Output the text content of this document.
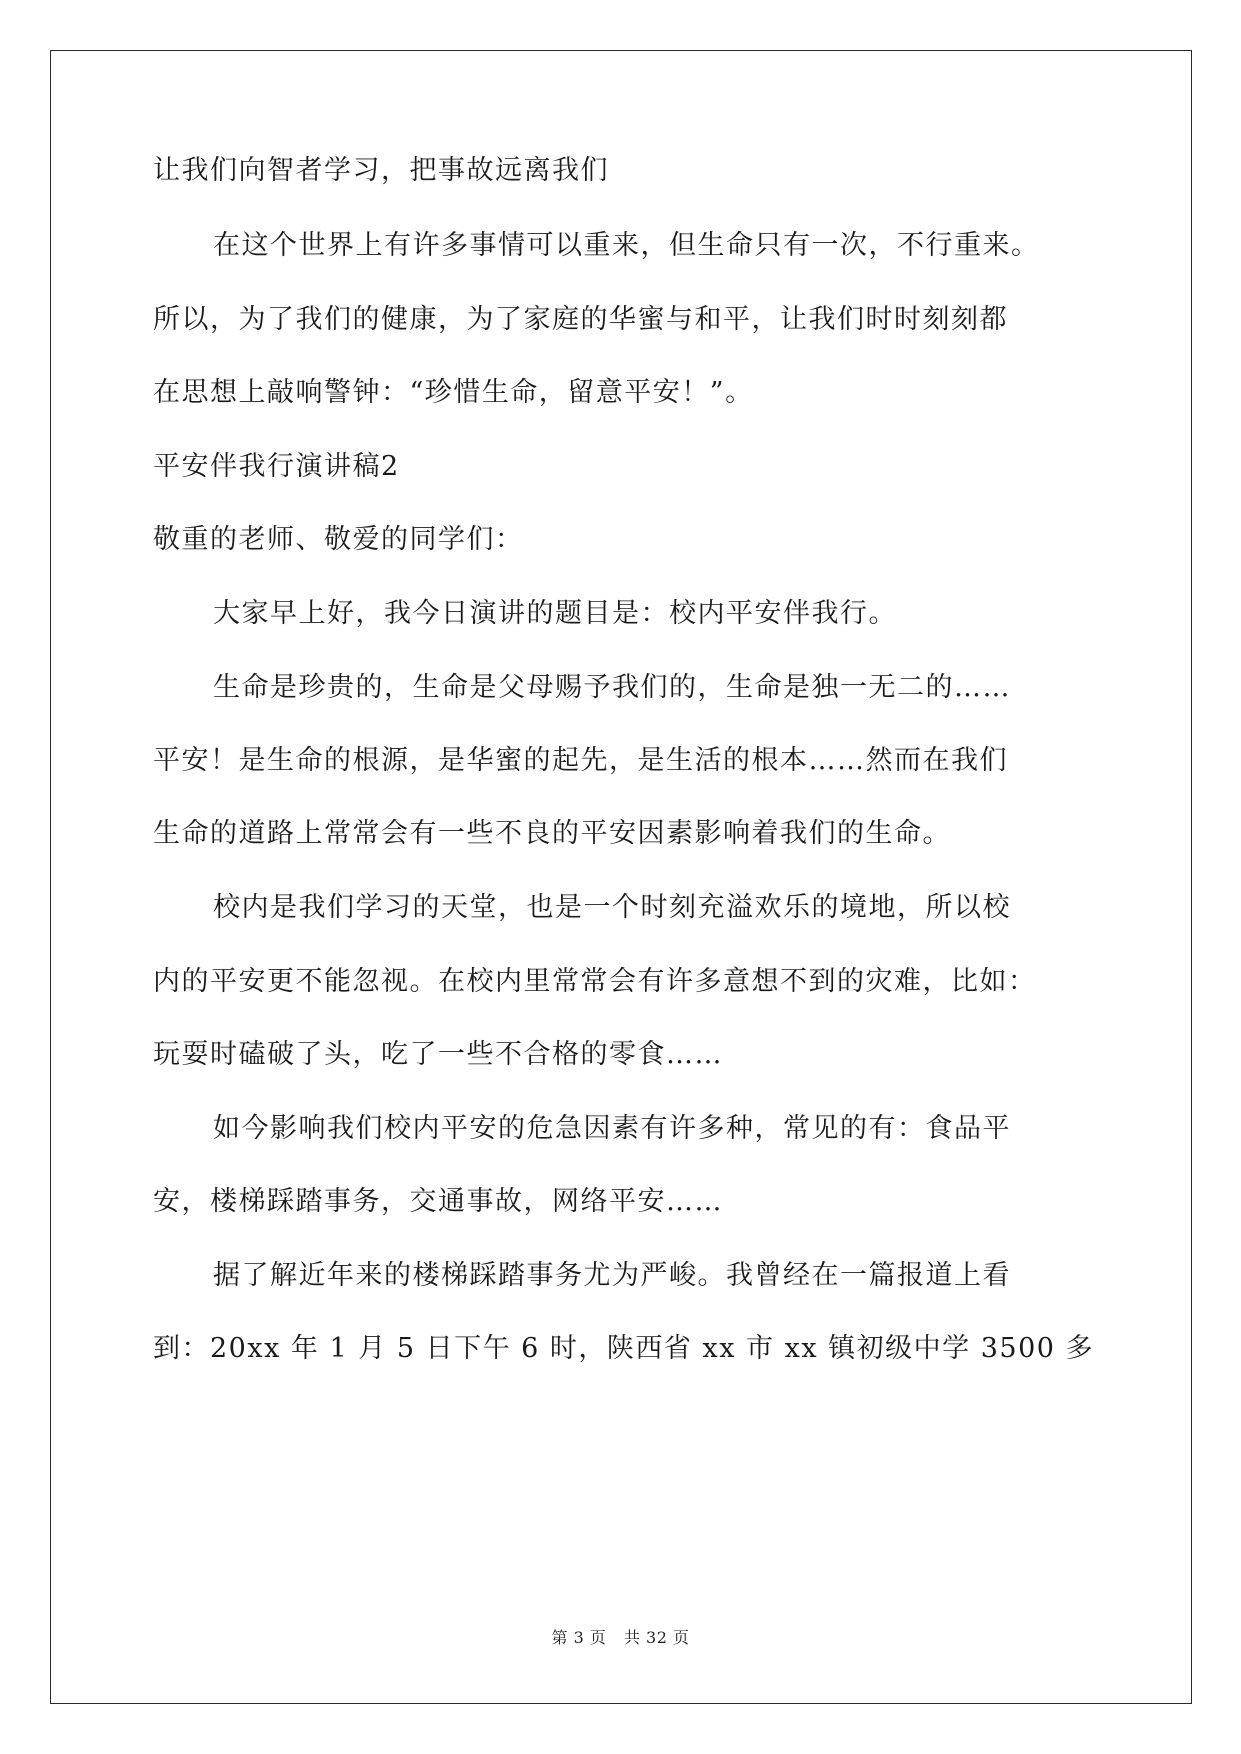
让我们向智者学习，把事故远离我们
在这个世界上有许多事情可以重来，但生命只有一次，不行重来。
所以，为了我们的健康，为了家庭的华蜜与和平，让我们时时刻刻都
在思想上敲响警钟：“珍惜生命，留意平安！”。
平安伴我行演讲稿2
敬重的老师、敬爱的同学们：
大家早上好，我今日演讲的题目是：校内平安伴我行。
生命是珍贵的，生命是父母赐予我们的，生命是独一无二的……
平安！是生命的根源，是华蜜的起先，是生活的根本……然而在我们
生命的道路上常常会有一些不良的平安因素影响着我们的生命。
校内是我们学习的天堂，也是一个时刻充溢欢乐的境地，所以校
内的平安更不能忽视。在校内里常常会有许多意想不到的灾难，比如：
玩耍时磕破了头，吃了一些不合格的零食……
如今影响我们校内平安的危急因素有许多种，常见的有：食品平
安，楼梯踩踏事务，交通事故，网络平安……
据了解近年来的楼梯踩踏事务尤为严峻。我曾经在一篇报道上看
到：20xx 年 1 月 5 日下午 6 时，陕西省 xx 市 xx 镇初级中学 3500 多
第 3 页 共 32 页
